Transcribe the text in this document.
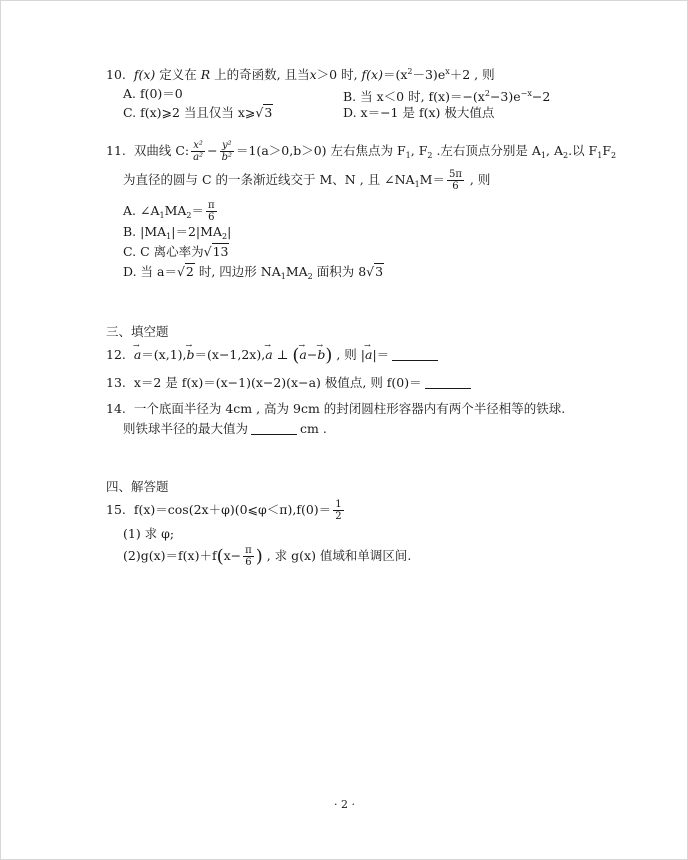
10. f(x) 定义在 R 上的奇函数, 且当x＞0 时, $f(x)=(x^2-3)e^x+2$ , 则
A. f(0)＝0	B. 当 x＜0 时, $f(x)=-(x^2-3)e^{-x}-2$
C. f(x)⩾2 当且仅当 x⩾√3	D. x＝−1 是 f(x) 极大值点
11. 双曲线 C: $\frac{\text{x²}}{\text{a²}} - \frac{\text{y²}}{\text{b²}} =1(a>0,b>0)$ 左右焦点为 $F_1$, $F_2$ .左右顶点分别是 $A_1$, $A_2$.以 $F_1F_2$
为直径的圆与 C 的一条渐近线交于 M、N , 且 $\angle NA_1M= \frac{5\pi}{6}$ , 则
A. $\angle A_1MA_2= \frac{\pi}{6}$
B. $|MA_1|=2|MA_2|$
C. C 离心率为√13
D. 当 a＝√2 时, 四边形 $NA_1MA_2$ 面积为 8√3
三、填空题
12.  → a＝(x,1),→ b＝(x−1,2x),→ a ⊥ (→ a−→ b) , 则 |→ a|＝
13. x＝2 是 f(x)＝(x−1)(x−2)(x−a) 极值点, 则 f(0)＝
14. 一个底面半径为 4cm , 高为 9cm 的封闭圆柱形容器内有两个半径相等的铁球.
则铁球半径的最大值为	cm .
四、解答题
15. f(x)＝cos(2x＋φ)(0⩽φ＜π),f(0)＝ $\frac{1}{2}$
(1) 求 φ;
$(2)g(x)=f(x)+f(x- \frac{\pi}{6}$ ) , 求 g(x) 值域和单调区间.
· 2 ·
